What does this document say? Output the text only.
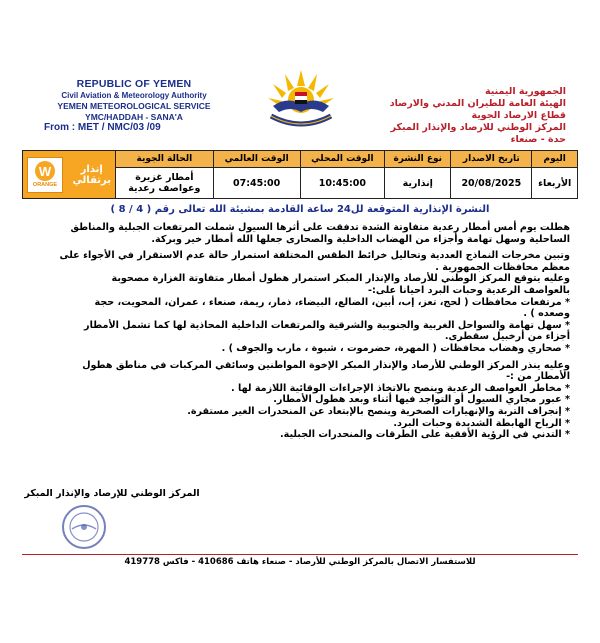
REPUBLIC OF YEMEN
Civil Aviation & Meteorology Authority
YEMEN METEOROLOGICAL SERVICE
YMC/HADDAH - SANA'A
From : MET / NMC/03 /09
الجمهورية اليمنية
الهيئة العامة للطيران المدني والارصاد
قطاع الارصاد الجوية
المركز الوطني للارصاد والإنذار المبكر
حدة - صنعاء
اليوم	تاريخ الاصدار	نوع النشرة	الوقت المحلي	الوقت العالمي	الحالة الجوية	W
ORANGE
إنذار
برتقالي

الأربعاء	20/08/2025	إنذارية	10:45:00	07:45:00	أمطار غزيرة
وعواصف رعدية	
النشرة الإنذارية المتوقعة لل24 ساعة القادمة بمشيئة الله تعالى رقم ( 4 / 8 )

هطلت يوم أمس أمطار رعدية متفاوتة الشدة تدفقت على أثرها السيول شملت المرتفعات الجبلية والمناطق

الساحلية وسهل تهامة وأجزاء من الهضاب الداخلية والصحارى جعلها الله أمطار خير وبركة.

وتبين مخرجات النماذج العددية وتحاليل خرائط الطقس المختلفة استمرار حالة عدم الاستقرار في الأجواء على

معظم محافظات الجمهورية .

وعليه يتوقع المركز الوطني للأرصاد والإنذار المبكر استمرار هطول أمطار متفاوتة الغزارة مصحوبة

بالعواصف الرعدية وحبات البرد احيانا على:-

* مرتفعات محافظات ( لحج، تعز، إب، أبين، الضالع، البيضاء، ذمار، ريمة، صنعاء ، عمران، المحويت، حجة

وصعده ) .

* سهل تهامة والسواحل الغربية والجنوبية والشرقية والمرتفعات الداخلية المحاذية لها كما تشمل الأمطار

أجزاء من أرخبيل سقطرى.

* صحاري وهضاب محافظات ( المهرة، حضرموت ، شبوة ، مارب والجوف ) .

وعليه ينذر المركز الوطني للأرصاد والإنذار المبكر الإخوة المواطنين وسائقي المركبات في مناطق هطول

الأمطار من :-

* مخاطر العواصف الرعدية وينصح بالاتخاذ الإجراءات الوقائية اللازمة لها .

* عبور مجاري السيول أو التواجد فيها أثناء وبعد هطول الأمطار.

* إنجراف التربة والإنهيارات الصخرية وينصح بالإبتعاد عن المنحدرات الغير مستقرة.

* الرياح الهابطة الشديدة وحبات البرد.

* التدني في الرؤية الأفقية على الطرقات والمنحدرات الجبلية.

المركز الوطني للإرصاد والإنذار المبكر
للاستفسار الاتصال بالمركز الوطني للأرصاد - صنعاء هاتف 410686 - فاكس 419778
